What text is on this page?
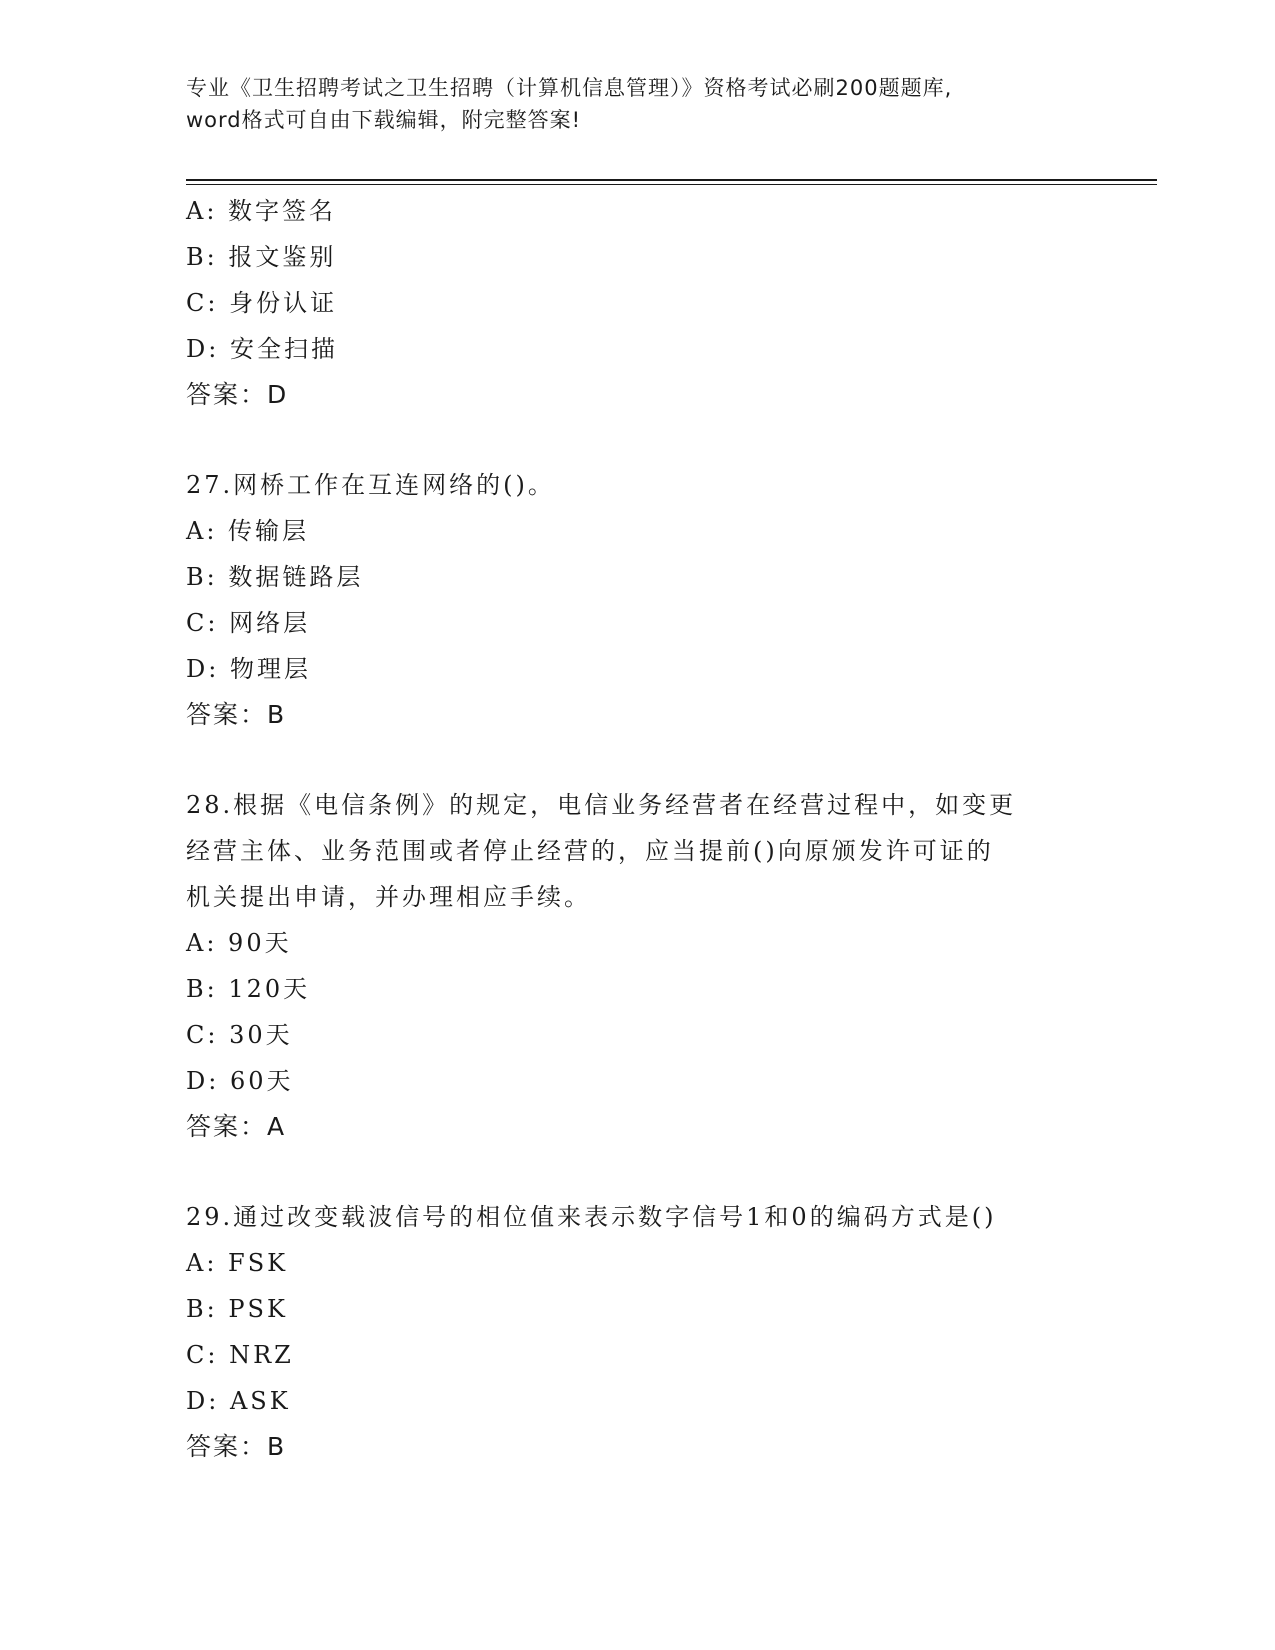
专业《卫生招聘考试之卫生招聘（计算机信息管理）》资格考试必刷200题题库,
word格式可自由下载编辑，附完整答案!
A: 数字签名
B: 报文鉴别
C: 身份认证
D: 安全扫描
答案：D
27.网桥工作在互连网络的()。
A: 传输层
B: 数据链路层
C: 网络层
D: 物理层
答案：B
28.根据《电信条例》的规定，电信业务经营者在经营过程中，如变更
经营主体、业务范围或者停止经营的，应当提前()向原颁发许可证的
机关提出申请，并办理相应手续。
A: 90天
B: 120天
C: 30天
D: 60天
答案：A
29.通过改变载波信号的相位值来表示数字信号1和0的编码方式是()
A: FSK
B: PSK
C: NRZ
D: ASK
答案：B
